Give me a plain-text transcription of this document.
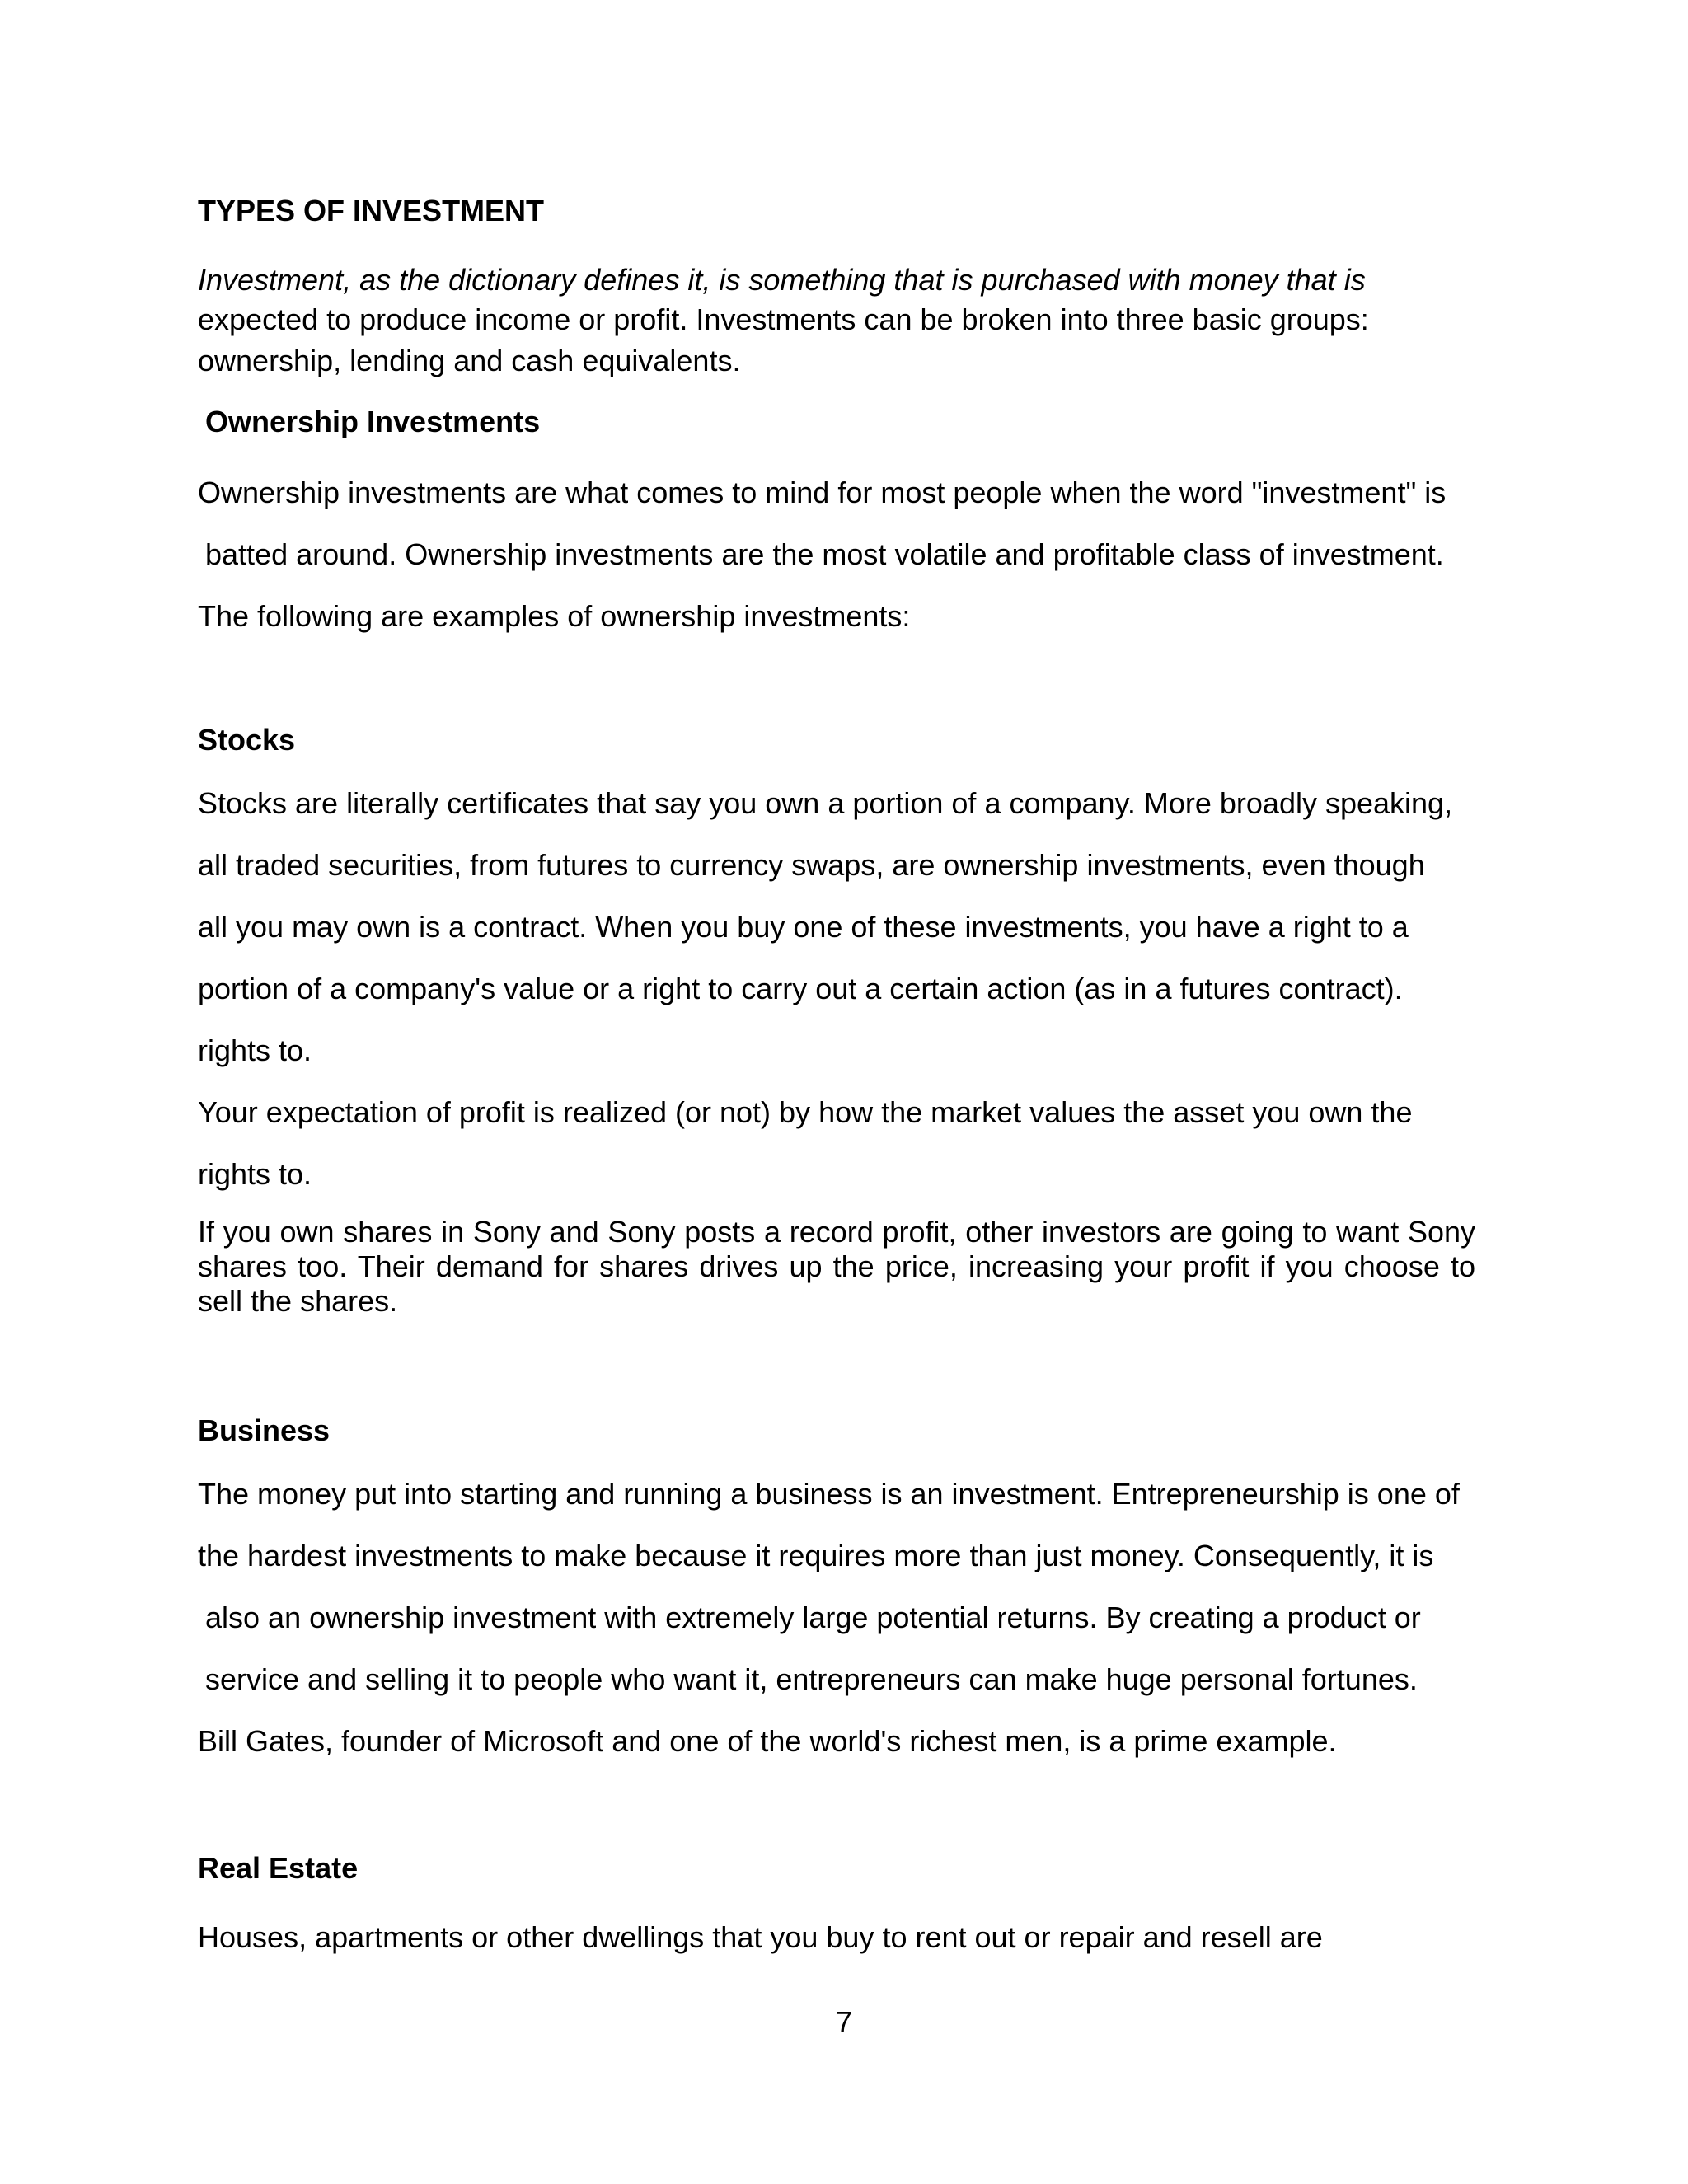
TYPES OF INVESTMENT
Investment, as the dictionary defines it, is something that is purchased with money that is
expected to produce income or profit. Investments can be broken into three basic groups:
ownership, lending and cash equivalents.
Ownership Investments
Ownership investments are what comes to mind for most people when the word "investment" is
batted around. Ownership investments are the most volatile and profitable class of investment.
The following are examples of ownership investments:
Stocks
Stocks are literally certificates that say you own a portion of a company. More broadly speaking,
all traded securities, from futures to currency swaps, are ownership investments, even though
all you may own is a contract. When you buy one of these investments, you have a right to a
portion of a company's value or a right to carry out a certain action (as in a futures contract).
rights to.
Your expectation of profit is realized (or not) by how the market values the asset you own the
rights to.
If you own shares in Sony and Sony posts a record profit, other investors are going to want Sony shares too. Their demand for shares drives up the price, increasing your profit if you choose to sell the shares.
Business
The money put into starting and running a business is an investment. Entrepreneurship is one of
the hardest investments to make because it requires more than just money. Consequently, it is
also an ownership investment with extremely large potential returns. By creating a product or
service and selling it to people who want it, entrepreneurs can make huge personal fortunes.
Bill Gates, founder of Microsoft and one of the world's richest men, is a prime example.
Real Estate
Houses, apartments or other dwellings that you buy to rent out or repair and resell are
7
